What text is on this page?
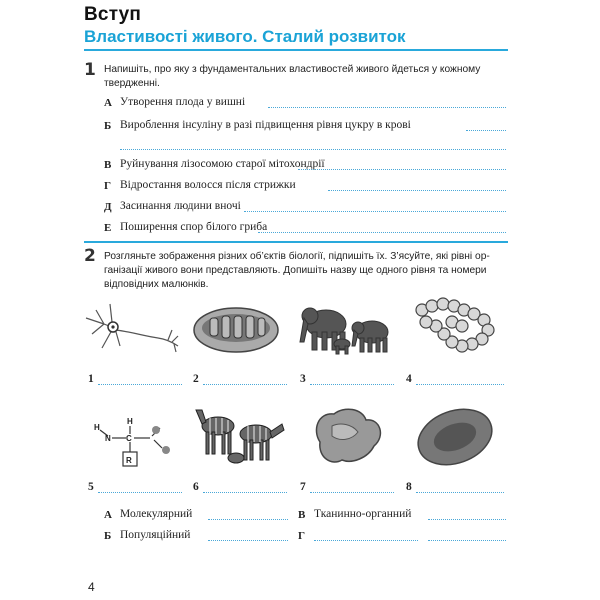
Вступ
Властивості живого. Сталий розвиток
1 Напишіть, про яку з фундаментальних властивостей живого йдеться у кожному твердженні.
А Утворення плода у вишні
Б Вироблення інсуліну в разі підвищення рівня цукру в крові
В Руйнування лізосомою старої мітохондрії
Г Відростання волосся після стрижки
Д Засинання людини вночі
Е Поширення спор білого гриба
2 Розгляньте зображення різних об’єктів біології, підпишіть їх. З’ясуйте, які рівні ор-
ганізації живого вони представляють. Допишіть назву ще одного рівня та номери
відповідних малюнків.
H
N C
H
R
1	2	3	4
5	6	7	8
А Молекулярний	В Тканинно-органний
Б Популяційний	Г
4
